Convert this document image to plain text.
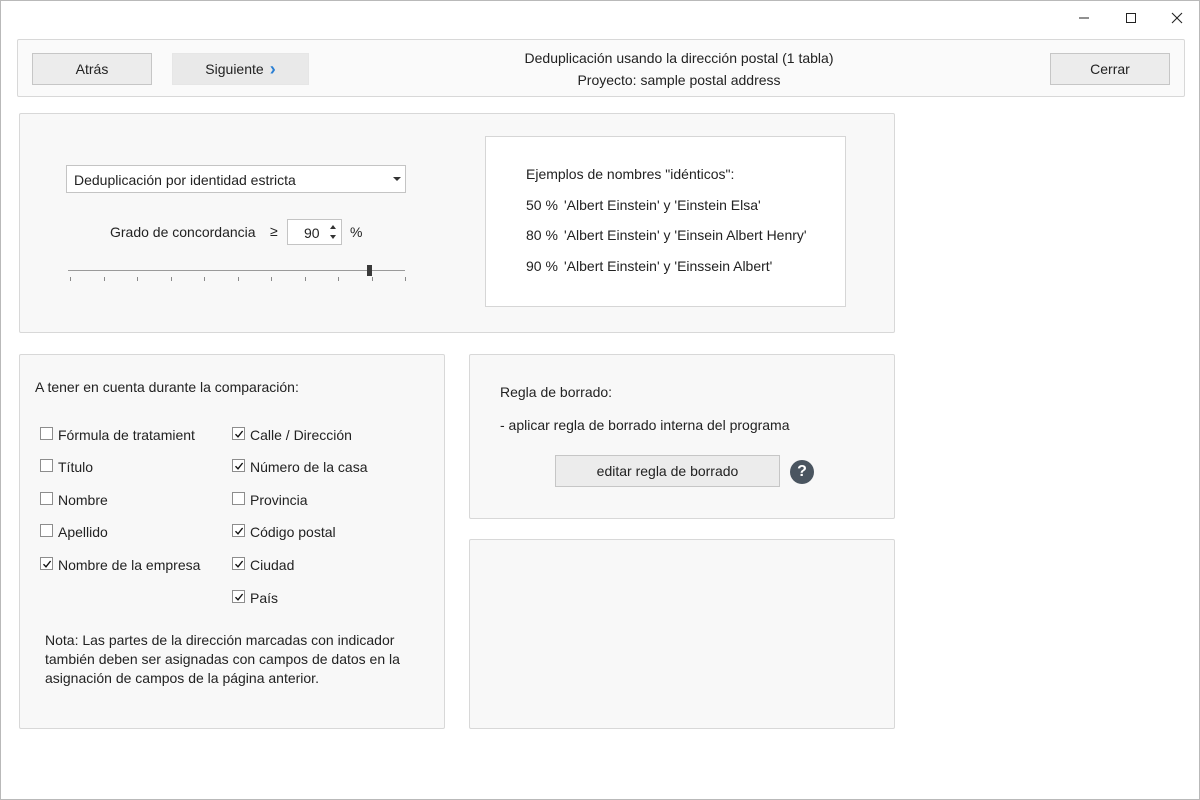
Atrás	Siguiente ›
Deduplicación usando la dirección postal (1 tabla)
Proyecto: sample postal address
Cerrar
Deduplicación por identidad estricta
Grado de concordancia ≥ 90 %
Ejemplos de nombres "idénticos":
50 % 'Albert Einstein' y 'Einstein Elsa'
80 % 'Albert Einstein' y 'Einsein Albert Henry'
90 % 'Albert Einstein' y 'Einssein Albert'
A tener en cuenta durante la comparación:
Fórmula de tratamient
Título
Nombre
Apellido
Nombre de la empresa
Calle / Dirección
Número de la casa
Provincia
Código postal
Ciudad
País
Nota: Las partes de la dirección marcadas con indicador
también deben ser asignadas con campos de datos en la
asignación de campos de la página anterior.
Regla de borrado:
- aplicar regla de borrado interna del programa
editar regla de borrado	?
